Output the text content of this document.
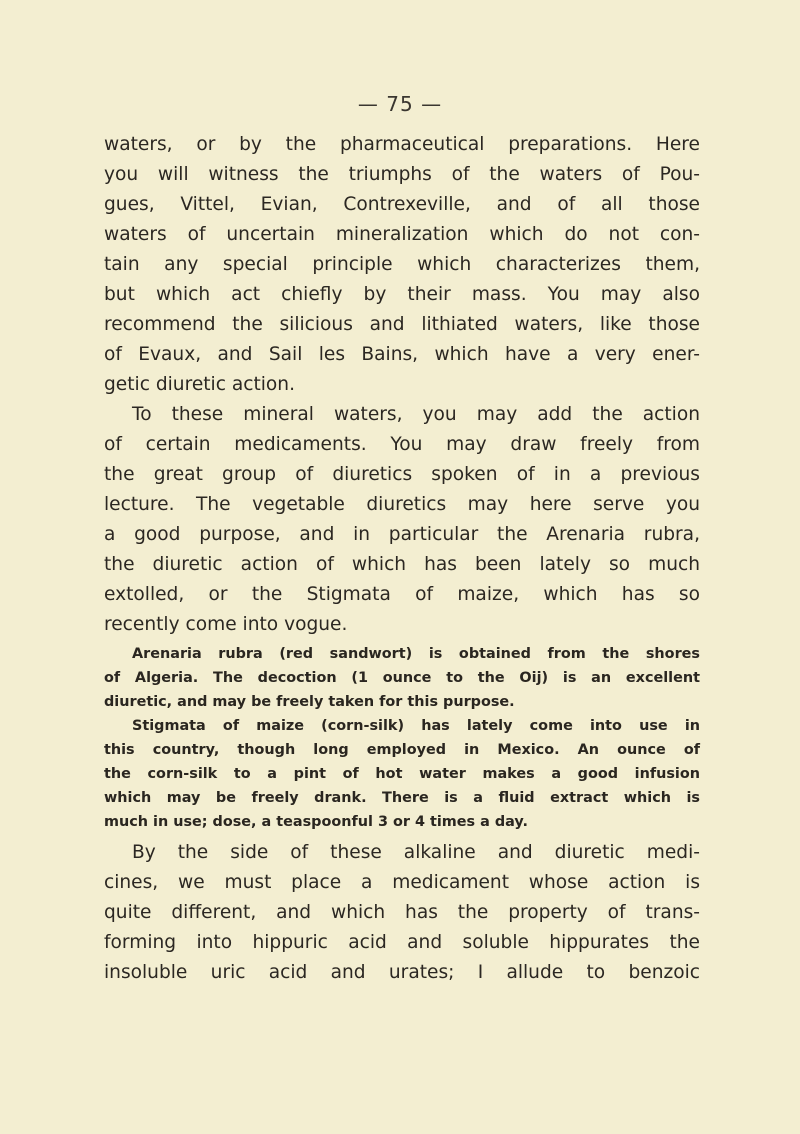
— 75 —
waters, or by the pharmaceutical preparations. Here
you will witness the triumphs of the waters of Pou-
gues, Vittel, Evian, Contrexeville, and of all those
waters of uncertain mineralization which do not con-
tain any special principle which characterizes them,
but which act chiefly by their mass. You may also
recommend the silicious and lithiated waters, like those
of Evaux, and Sail les Bains, which have a very ener-
getic diuretic action.
To these mineral waters, you may add the action
of certain medicaments. You may draw freely from
the great group of diuretics spoken of in a previous
lecture. The vegetable diuretics may here serve you
a good purpose, and in particular the Arenaria rubra,
the diuretic action of which has been lately so much
extolled, or the Stigmata of maize, which has so
recently come into vogue.
Arenaria rubra (red sandwort) is obtained from the shores
of Algeria. The decoction (1 ounce to the Oij) is an excellent
diuretic, and may be freely taken for this purpose.
Stigmata of maize (corn-silk) has lately come into use in
this country, though long employed in Mexico. An ounce of
the corn-silk to a pint of hot water makes a good infusion
which may be freely drank. There is a fluid extract which is
much in use; dose, a teaspoonful 3 or 4 times a day.
By the side of these alkaline and diuretic medi-
cines, we must place a medicament whose action is
quite different, and which has the property of trans-
forming into hippuric acid and soluble hippurates the
insoluble uric acid and urates; I allude to benzoic
